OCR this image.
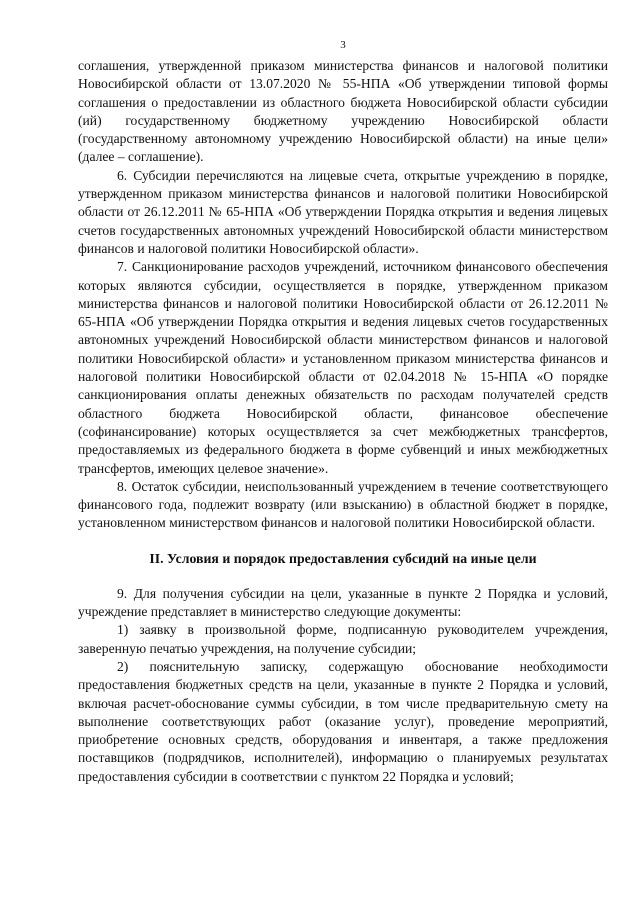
3

соглашения, утвержденной приказом министерства финансов и налоговой политики Новосибирской области от 13.07.2020 № 55-НПА «Об утверждении типовой формы соглашения о предоставлении из областного бюджета Новосибирской области субсидии (ий) государственному бюджетному учреждению Новосибирской области (государственному автономному учреждению Новосибирской области) на иные цели» (далее – соглашение).

6. Субсидии перечисляются на лицевые счета, открытые учреждению в порядке, утвержденном приказом министерства финансов и налоговой политики Новосибирской области от 26.12.2011 № 65-НПА «Об утверждении Порядка открытия и ведения лицевых счетов государственных автономных учреждений Новосибирской области министерством финансов и налоговой политики Новосибирской области».

7. Санкционирование расходов учреждений, источником финансового обеспечения которых являются субсидии, осуществляется в порядке, утвержденном приказом министерства финансов и налоговой политики Новосибирской области от 26.12.2011 № 65-НПА «Об утверждении Порядка открытия и ведения лицевых счетов государственных автономных учреждений Новосибирской области министерством финансов и налоговой политики Новосибирской области» и установленном приказом министерства финансов и налоговой политики Новосибирской области от 02.04.2018 № 15-НПА «О порядке санкционирования оплаты денежных обязательств по расходам получателей средств областного бюджета Новосибирской области, финансовое обеспечение (софинансирование) которых осуществляется за счет межбюджетных трансфертов, предоставляемых из федерального бюджета в форме субвенций и иных межбюджетных трансфертов, имеющих целевое значение».

8. Остаток субсидии, неиспользованный учреждением в течение соответствующего финансового года, подлежит возврату (или взысканию) в областной бюджет в порядке, установленном министерством финансов и налоговой политики Новосибирской области.

II. Условия и порядок предоставления субсидий на иные цели

9. Для получения субсидии на цели, указанные в пункте 2 Порядка и условий, учреждение представляет в министерство следующие документы:

1) заявку в произвольной форме, подписанную руководителем учреждения, заверенную печатью учреждения, на получение субсидии;

2) пояснительную записку, содержащую обоснование необходимости предоставления бюджетных средств на цели, указанные в пункте 2 Порядка и условий, включая расчет-обоснование суммы субсидии, в том числе предварительную смету на выполнение соответствующих работ (оказание услуг), проведение мероприятий, приобретение основных средств, оборудования и инвентаря, а также предложения поставщиков (подрядчиков, исполнителей), информацию о планируемых результатах предоставления субсидии в соответствии с пунктом 22 Порядка и условий;
